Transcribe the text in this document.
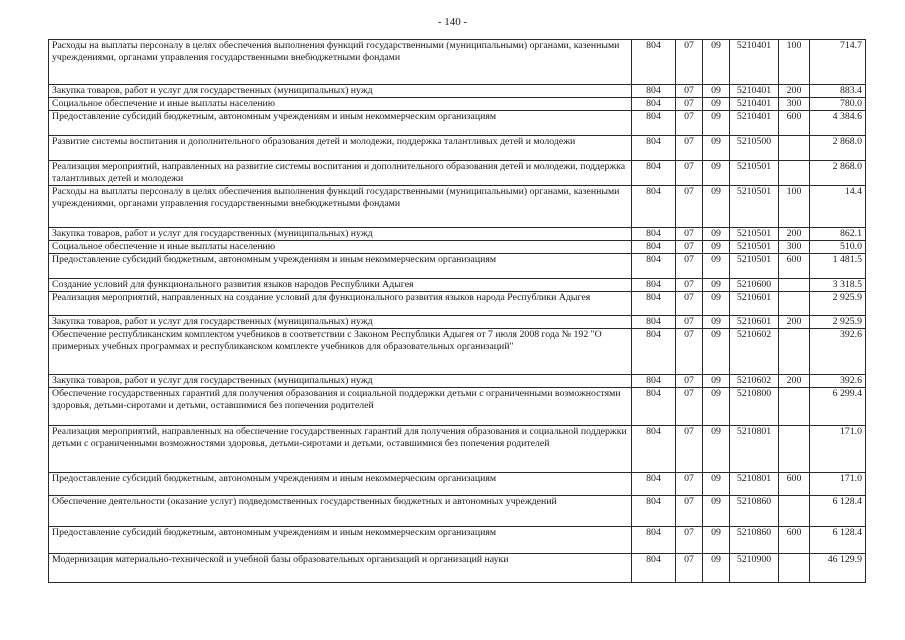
- 140 -
Расходы на выплаты персоналу в целях обеспечения выполнения функций государственными (муниципальными) органами, казенными учреждениями, органами управления государственными внебюджетными фондами	804	07	09	5210401	100	714.7
Закупка товаров, работ и услуг для государственных (муниципальных) нужд	804	07	09	5210401	200	883.4
Социальное обеспечение и иные выплаты населению	804	07	09	5210401	300	780.0
Предоставление субсидий бюджетным, автономным учреждениям и иным некоммерческим организациям	804	07	09	5210401	600	4 384.6
Развитие системы воспитания и дополнительного образования детей и молодежи, поддержка талантливых детей и молодежи	804	07	09	5210500		2 868.0
Реализация мероприятий, направленных на развитие системы воспитания и дополнительного образования детей и молодежи, поддержка талантливых детей и молодежи	804	07	09	5210501		2 868.0
Расходы на выплаты персоналу в целях обеспечения выполнения функций государственными (муниципальными) органами, казенными учреждениями, органами управления государственными внебюджетными фондами	804	07	09	5210501	100	14.4
Закупка товаров, работ и услуг для государственных (муниципальных) нужд	804	07	09	5210501	200	862.1
Социальное обеспечение и иные выплаты населению	804	07	09	5210501	300	510.0
Предоставление субсидий бюджетным, автономным учреждениям и иным некоммерческим организациям	804	07	09	5210501	600	1 481.5
Создание условий для функционального развития языков народов Республики Адыгея	804	07	09	5210600		3 318.5
Реализация мероприятий, направленных на создание условий для функционального развития языков народа Республики Адыгея	804	07	09	5210601		2 925.9
Закупка товаров, работ и услуг для государственных (муниципальных) нужд	804	07	09	5210601	200	2 925.9
Обеспечение республиканским комплектом учебников в соответствии с Законом Республики Адыгея от 7 июля 2008 года № 192 "О примерных учебных программах и республиканском комплекте учебников для образовательных организаций"	804	07	09	5210602		392.6
Закупка товаров, работ и услуг для государственных (муниципальных) нужд	804	07	09	5210602	200	392.6
Обеспечение государственных гарантий для получения образования и социальной поддержки детьми с ограниченными возможностями здоровья, детьми-сиротами и детьми, оставшимися без попечения родителей	804	07	09	5210800		6 299.4
Реализация мероприятий, направленных на обеспечение государственных гарантий для получения образования и социальной поддержки детьми с ограниченными возможностями здоровья, детьми-сиротами и детьми, оставшимися без попечения родителей	804	07	09	5210801		171.0
Предоставление субсидий бюджетным, автономным учреждениям и иным некоммерческим организациям	804	07	09	5210801	600	171.0
Обеспечение деятельности (оказание услуг) подведомственных государственных бюджетных и автономных учреждений	804	07	09	5210860		6 128.4
Предоставление субсидий бюджетным, автономным учреждениям и иным некоммерческим организациям	804	07	09	5210860	600	6 128.4
Модернизация материально-технической и учебной базы образовательных организаций и организаций науки	804	07	09	5210900		46 129.9
